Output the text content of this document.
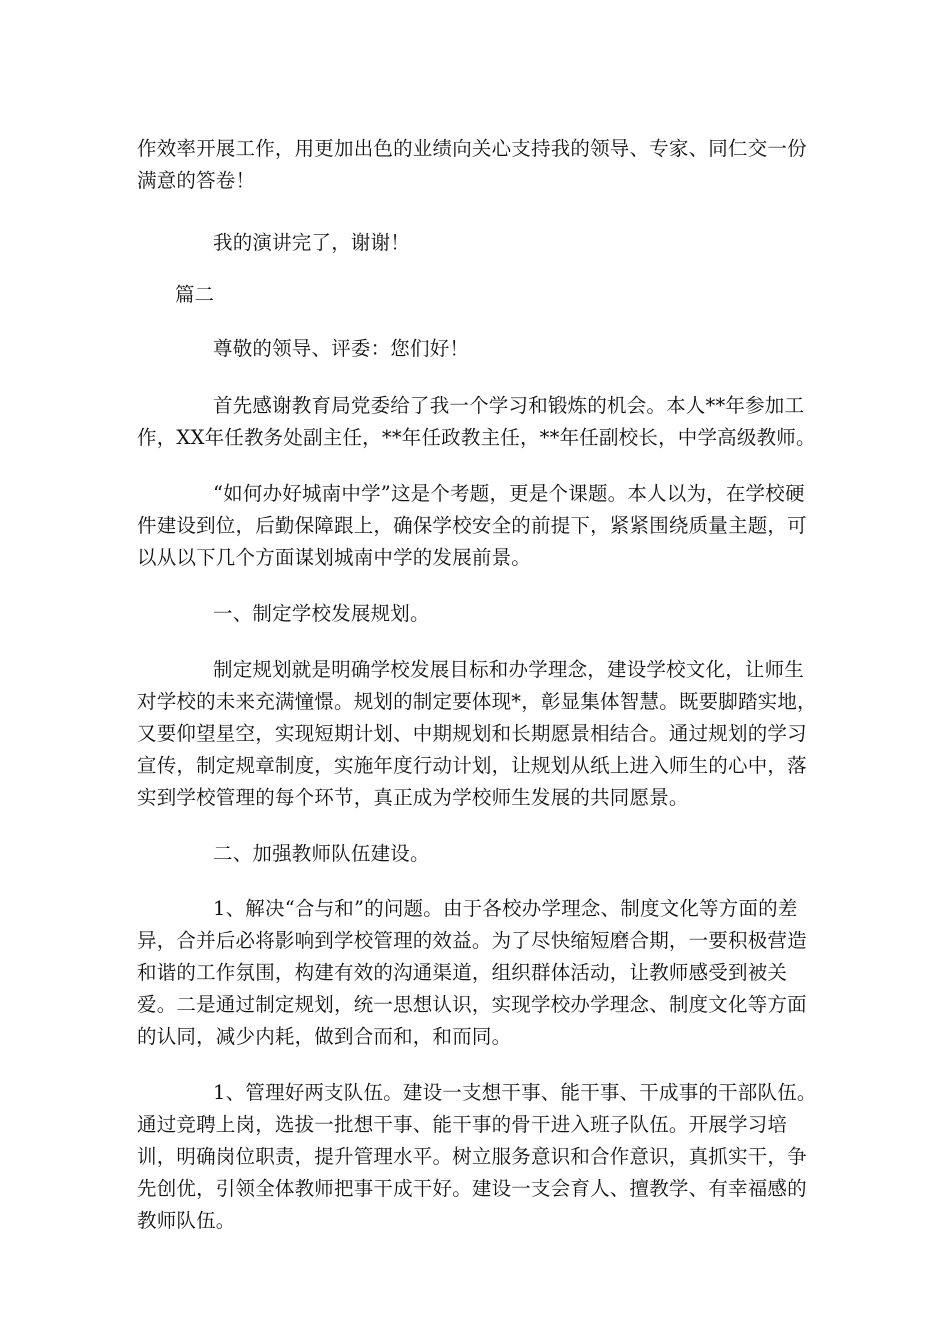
作效率开展工作，用更加出色的业绩向关心支持我的领导、专家、同仁交一份满意的答卷！

我的演讲完了，谢谢！

篇二

尊敬的领导、评委：您们好！

首先感谢教育局党委给了我一个学习和锻炼的机会。本人**年参加工作，XX年任教务处副主任，**年任政教主任，**年任副校长，中学高级教师。

“如何办好城南中学”这是个考题，更是个课题。本人以为，在学校硬件建设到位，后勤保障跟上，确保学校安全的前提下，紧紧围绕质量主题，可以从以下几个方面谋划城南中学的发展前景。

一、制定学校发展规划。

制定规划就是明确学校发展目标和办学理念，建设学校文化，让师生对学校的未来充满憧憬。规划的制定要体现*，彰显集体智慧。既要脚踏实地，又要仰望星空，实现短期计划、中期规划和长期愿景相结合。通过规划的学习宣传，制定规章制度，实施年度行动计划，让规划从纸上进入师生的心中，落实到学校管理的每个环节，真正成为学校师生发展的共同愿景。

二、加强教师队伍建设。

1、解决“合与和”的问题。由于各校办学理念、制度文化等方面的差异，合并后必将影响到学校管理的效益。为了尽快缩短磨合期，一要积极营造和谐的工作氛围，构建有效的沟通渠道，组织群体活动，让教师感受到被关爱。二是通过制定规划，统一思想认识，实现学校办学理念、制度文化等方面的认同，减少内耗，做到合而和，和而同。

1、管理好两支队伍。建设一支想干事、能干事、干成事的干部队伍。通过竞聘上岗，选拔一批想干事、能干事的骨干进入班子队伍。开展学习培训，明确岗位职责，提升管理水平。树立服务意识和合作意识，真抓实干，争先创优，引领全体教师把事干成干好。建设一支会育人、擅教学、有幸福感的教师队伍。
